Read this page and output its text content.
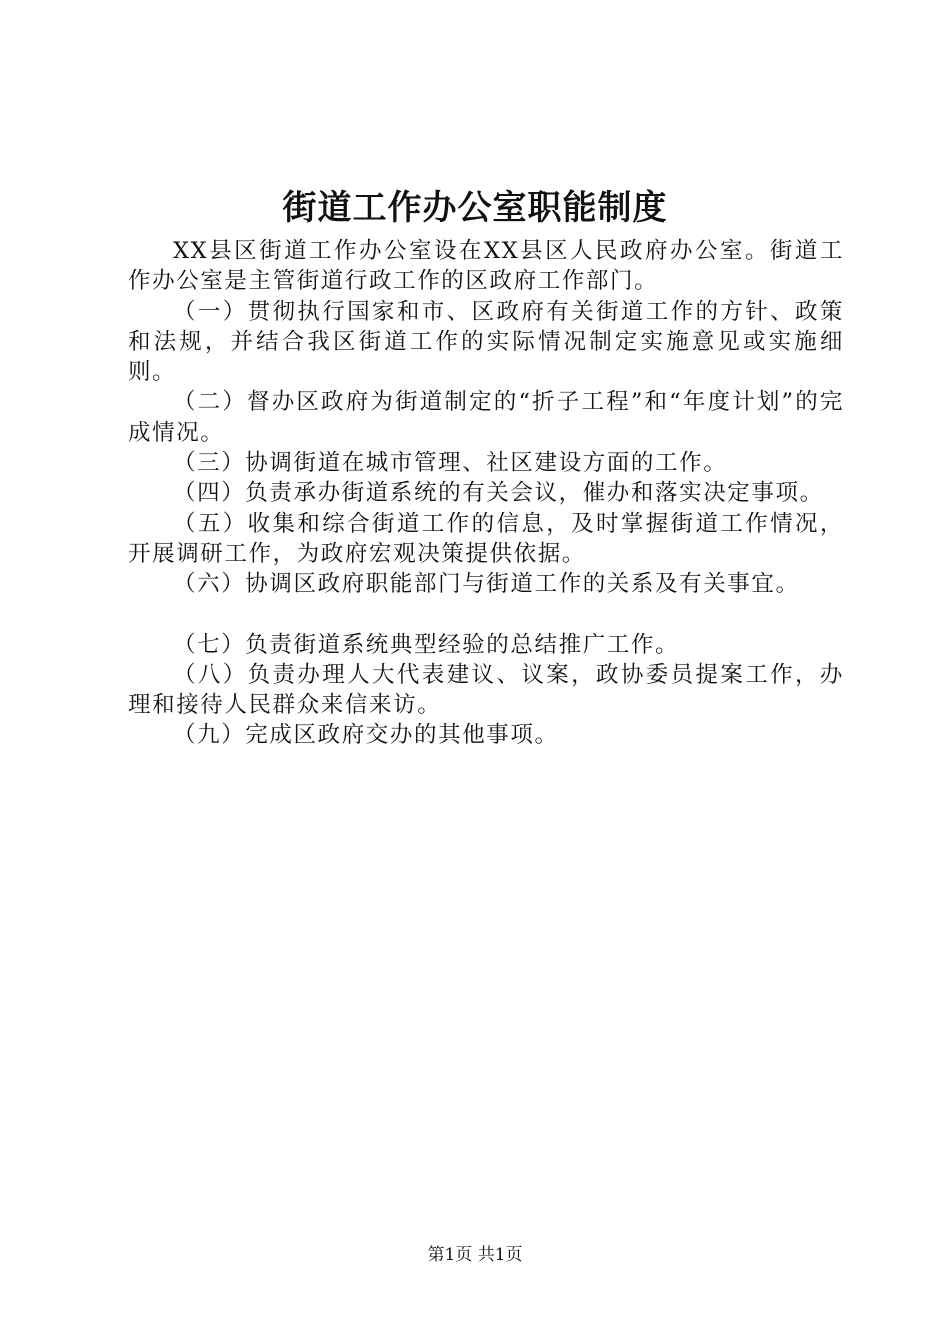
街道工作办公室职能制度

XX县区街道工作办公室设在XX县区人民政府办公室。街道工作办公室是主管街道行政工作的区政府工作部门。

（一）贯彻执行国家和市、区政府有关街道工作的方针、政策和法规，并结合我区街道工作的实际情况制定实施意见或实施细则。

（二）督办区政府为街道制定的“折子工程”和“年度计划”的完成情况。

（三）协调街道在城市管理、社区建设方面的工作。

（四）负责承办街道系统的有关会议，催办和落实决定事项。

（五）收集和综合街道工作的信息，及时掌握街道工作情况，开展调研工作，为政府宏观决策提供依据。

（六）协调区政府职能部门与街道工作的关系及有关事宜。

（七）负责街道系统典型经验的总结推广工作。

（八）负责办理人大代表建议、议案，政协委员提案工作，办理和接待人民群众来信来访。

（九）完成区政府交办的其他事项。

第1页 共1页
